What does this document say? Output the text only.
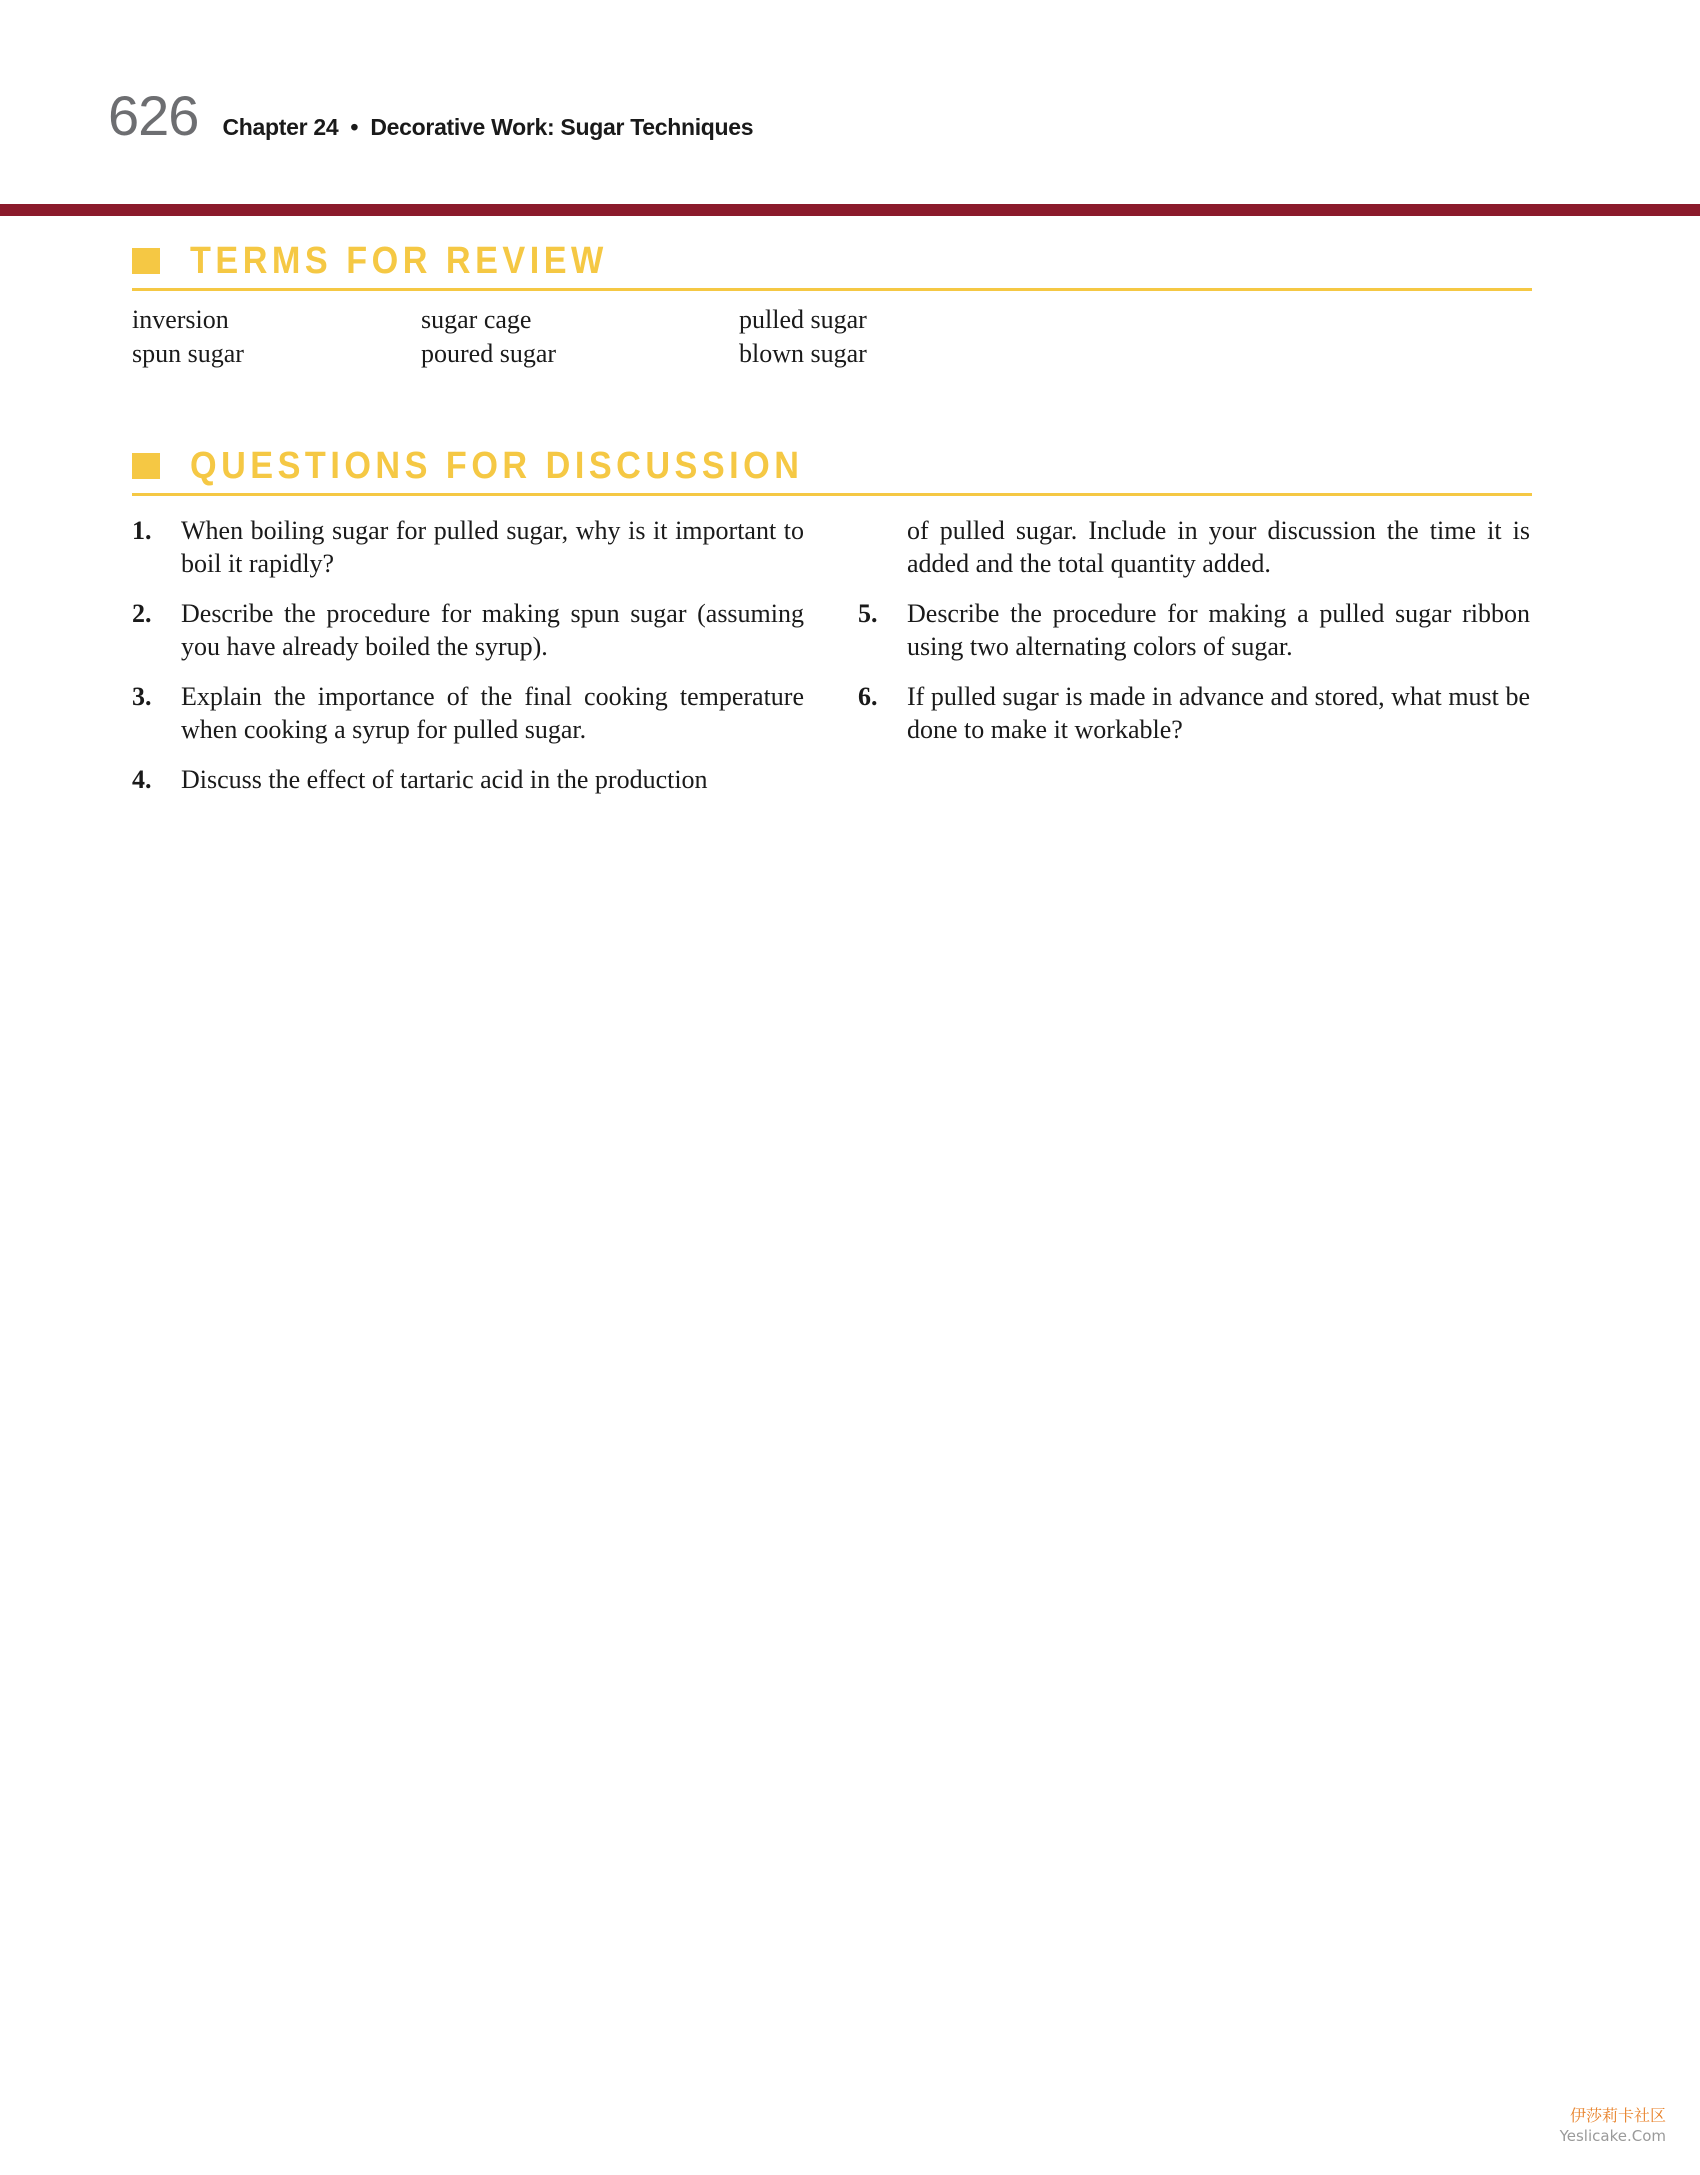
626 Chapter 24 • Decorative Work: Sugar Techniques
TERMS FOR REVIEW
inversion
spun sugar
sugar cage
poured sugar
pulled sugar
blown sugar
QUESTIONS FOR DISCUSSION
1. When boiling sugar for pulled sugar, why is it important to boil it rapidly?
2. Describe the procedure for making spun sugar (assuming you have already boiled the syrup).
3. Explain the importance of the final cooking temperature when cooking a syrup for pulled sugar.
4. Discuss the effect of tartaric acid in the production
of pulled sugar. Include in your discussion the time it is added and the total quantity added.
5. Describe the procedure for making a pulled sugar ribbon using two alternating colors of sugar.
6. If pulled sugar is made in advance and stored, what must be done to make it workable?
伊莎莉卡社区
Yeslicake.Com
